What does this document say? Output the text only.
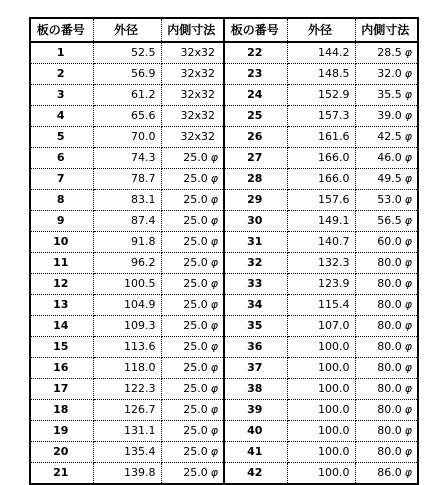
板の番号	外径	内側寸法	板の番号	外径	内側寸法
1	52.5	32x32	22	144.2	28.5 φ
2	56.9	32x32	23	148.5	32.0 φ
3	61.2	32x32	24	152.9	35.5 φ
4	65.6	32x32	25	157.3	39.0 φ
5	70.0	32x32	26	161.6	42.5 φ
6	74.3	25.0 φ	27	166.0	46.0 φ
7	78.7	25.0 φ	28	166.0	49.5 φ
8	83.1	25.0 φ	29	157.6	53.0 φ
9	87.4	25.0 φ	30	149.1	56.5 φ
10	91.8	25.0 φ	31	140.7	60.0 φ
11	96.2	25.0 φ	32	132.3	80.0 φ
12	100.5	25.0 φ	33	123.9	80.0 φ
13	104.9	25.0 φ	34	115.4	80.0 φ
14	109.3	25.0 φ	35	107.0	80.0 φ
15	113.6	25.0 φ	36	100.0	80.0 φ
16	118.0	25.0 φ	37	100.0	80.0 φ
17	122.3	25.0 φ	38	100.0	80.0 φ
18	126.7	25.0 φ	39	100.0	80.0 φ
19	131.1	25.0 φ	40	100.0	80.0 φ
20	135.4	25.0 φ	41	100.0	80.0 φ
21	139.8	25.0 φ	42	100.0	86.0 φ
